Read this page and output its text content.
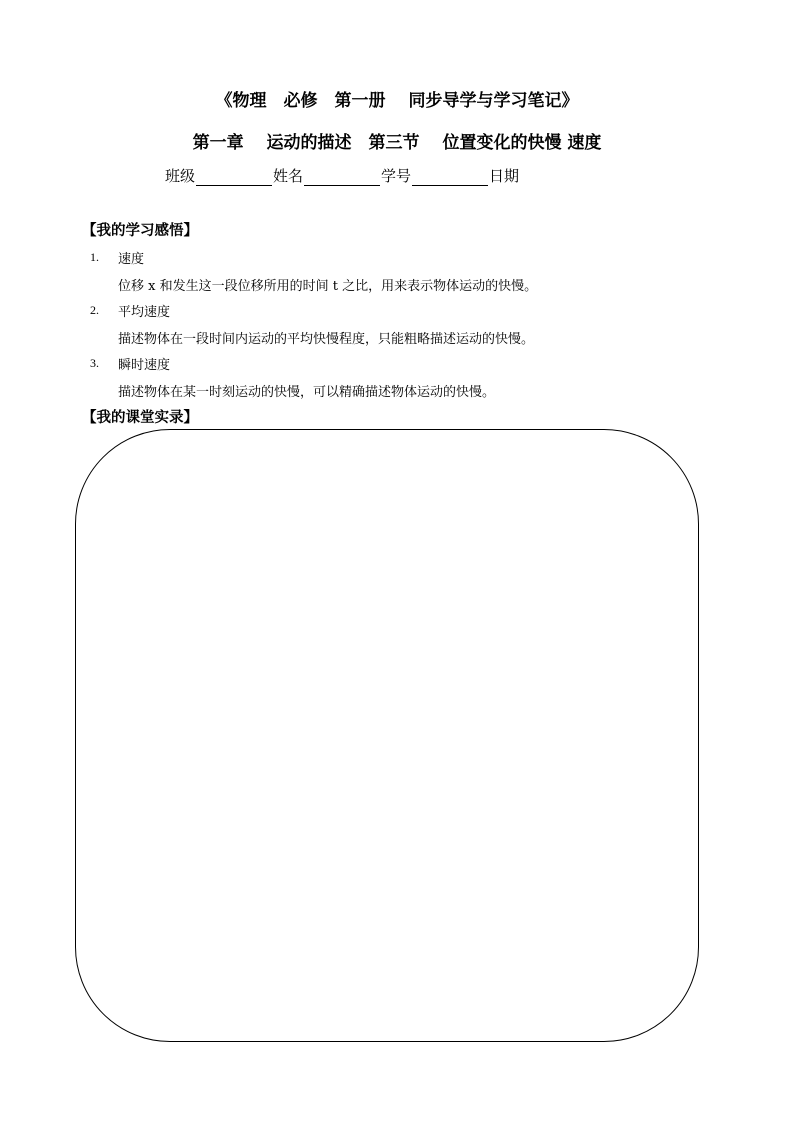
《物理　必修　第一册　 同步导学与学习笔记》
第一章　 运动的描述　第三节　 位置变化的快慢 速度
班级	姓名	学号	日期
【我的学习感悟】
1. 速度
位移 x 和发生这一段位移所用的时间 t 之比，用来表示物体运动的快慢。
2. 平均速度
描述物体在一段时间内运动的平均快慢程度，只能粗略描述运动的快慢。
3. 瞬时速度
描述物体在某一时刻运动的快慢，可以精确描述物体运动的快慢。
【我的课堂实录】
